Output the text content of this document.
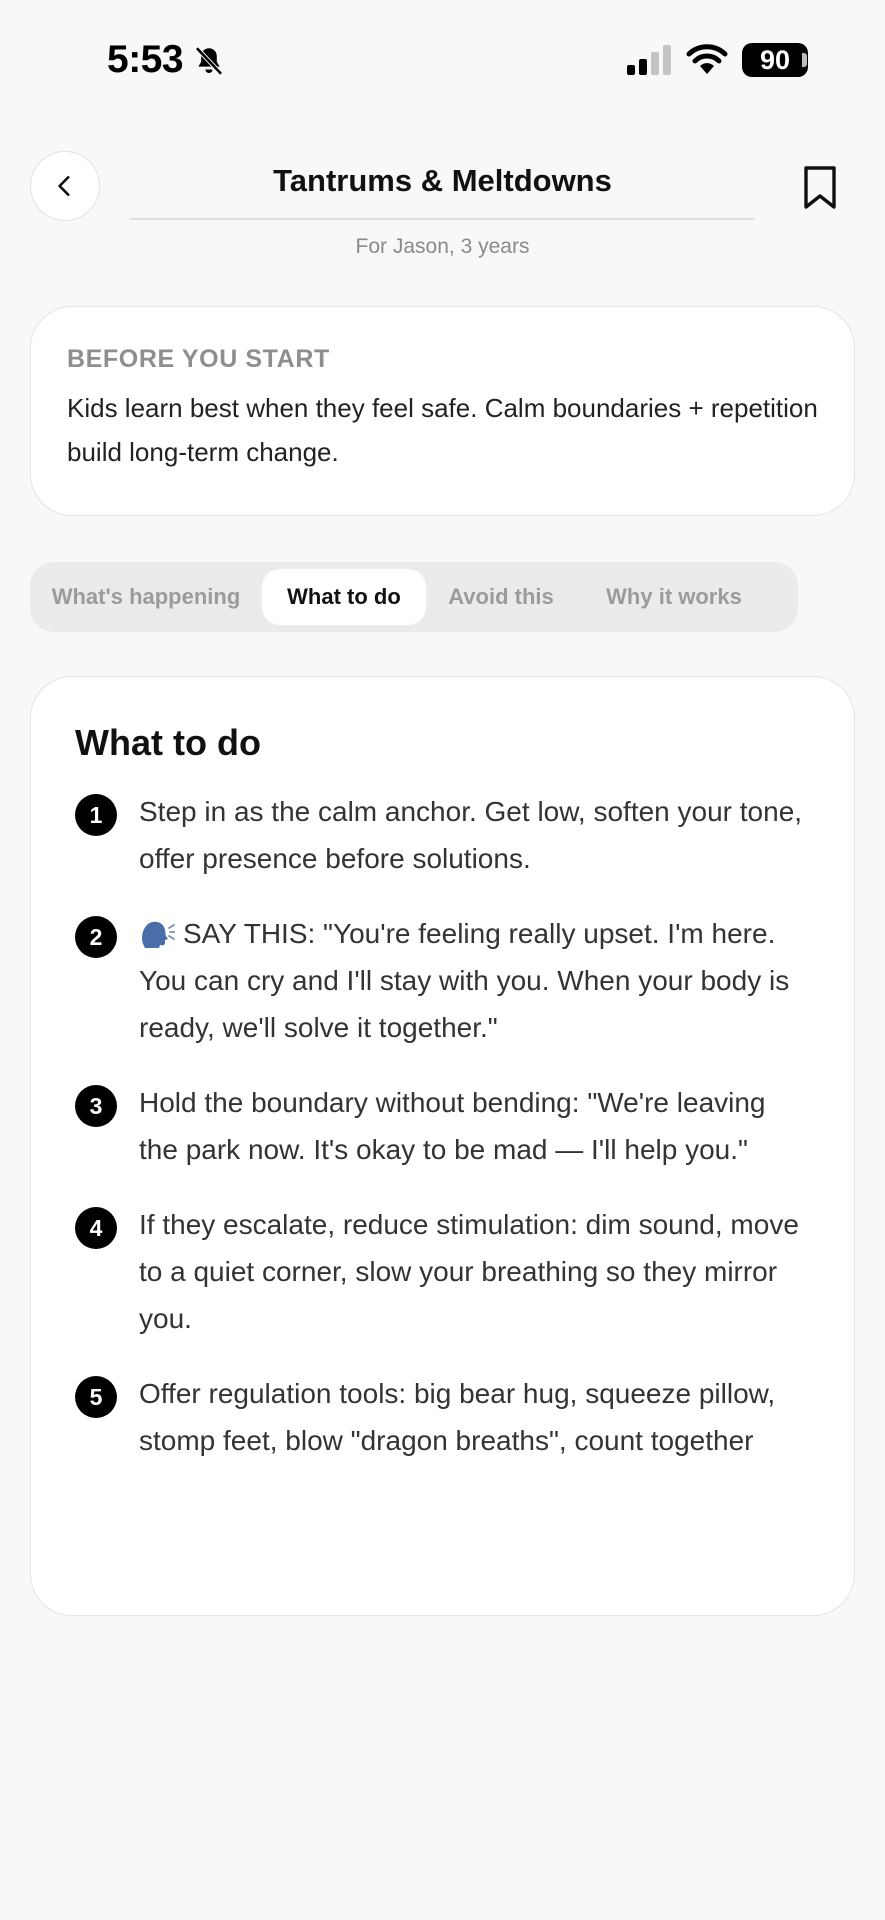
5:53	90
Tantrums & Meltdowns
For Jason, 3 years
BEFORE YOU START
Kids learn best when they feel safe. Calm boundaries + repetition build long-term change.
What's happening	What to do	Avoid this	Why it works
What to do
1	Step in as the calm anchor. Get low, soften your tone, offer presence before solutions.
2	SAY THIS: "You're feeling really upset. I'm here. You can cry and I'll stay with you. When your body is ready, we'll solve it together."
3	Hold the boundary without bending: "We're leaving the park now. It's okay to be mad — I'll help you."
4	If they escalate, reduce stimulation: dim sound, move to a quiet corner, slow your breathing so they mirror you.
5	Offer regulation tools: big bear hug, squeeze pillow, stomp feet, blow "dragon breaths", count together
